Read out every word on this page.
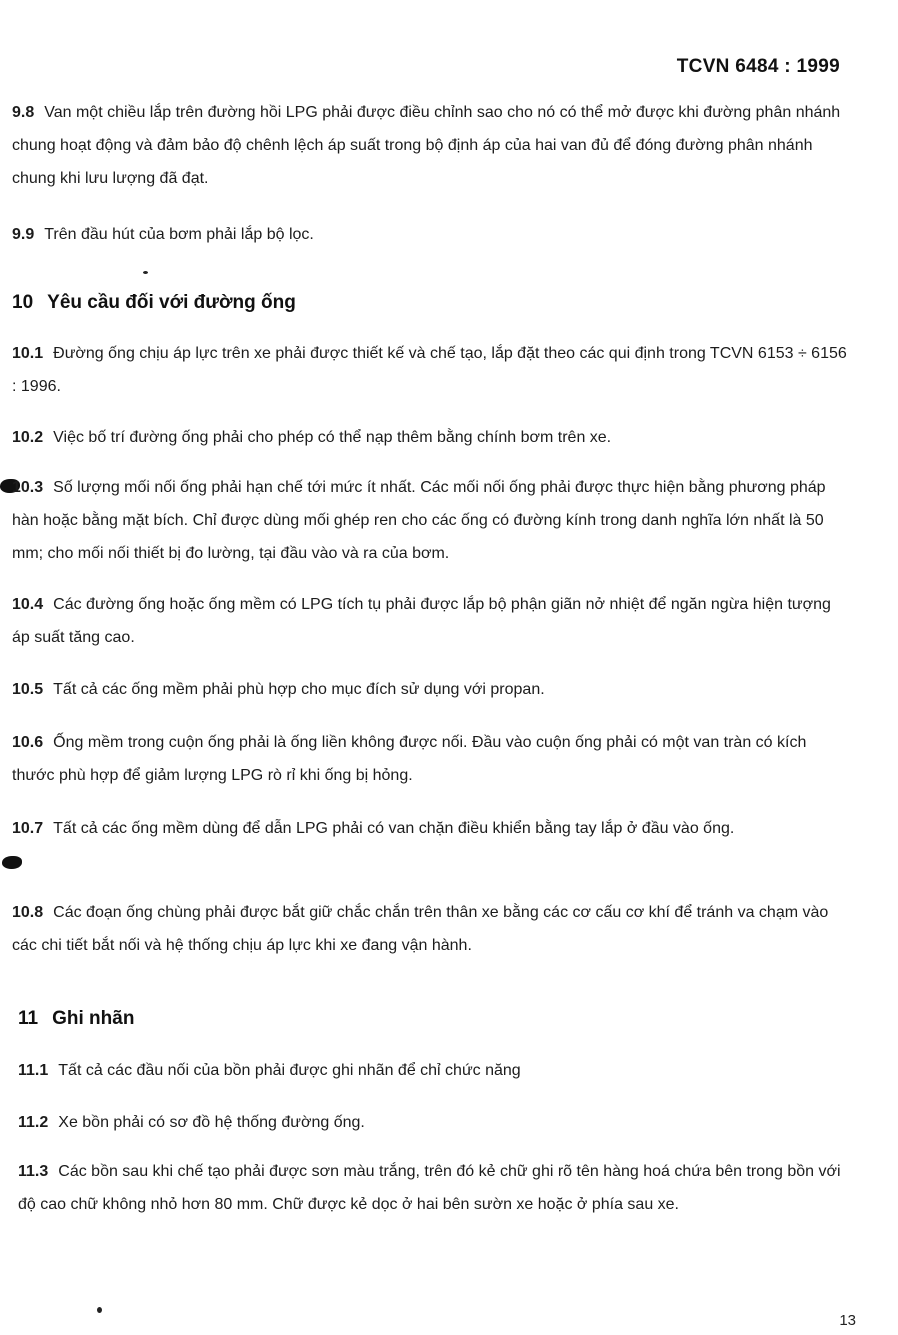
TCVN 6484 : 1999
9.8 Van một chiều lắp trên đường hồi LPG phải được điều chỉnh sao cho nó có thể mở được khi đường phân nhánh chung hoạt động và đảm bảo độ chênh lệch áp suất trong bộ định áp của hai van đủ để đóng đường phân nhánh chung khi lưu lượng đã đạt.
9.9 Trên đầu hút của bơm phải lắp bộ lọc.
10 Yêu cầu đối với đường ống
10.1 Đường ống chịu áp lực trên xe phải được thiết kế và chế tạo, lắp đặt theo các qui định trong TCVN 6153 ÷ 6156 : 1996.
10.2 Việc bố trí đường ống phải cho phép có thể nạp thêm bằng chính bơm trên xe.
10.3 Số lượng mối nối ống phải hạn chế tới mức ít nhất. Các mối nối ống phải được thực hiện bằng phương pháp hàn hoặc bằng mặt bích. Chỉ được dùng mối ghép ren cho các ống có đường kính trong danh nghĩa lớn nhất là 50 mm; cho mối nối thiết bị đo lường, tại đầu vào và ra của bơm.
10.4 Các đường ống hoặc ống mềm có LPG tích tụ phải được lắp bộ phận giãn nở nhiệt để ngăn ngừa hiện tượng áp suất tăng cao.
10.5 Tất cả các ống mềm phải phù hợp cho mục đích sử dụng với propan.
10.6 Ống mềm trong cuộn ống phải là ống liền không được nối. Đầu vào cuộn ống phải có một van tràn có kích thước phù hợp để giảm lượng LPG rò rỉ khi ống bị hỏng.
10.7 Tất cả các ống mềm dùng để dẫn LPG phải có van chặn điều khiển bằng tay lắp ở đầu vào ống.
10.8 Các đoạn ống chùng phải được bắt giữ chắc chắn trên thân xe bằng các cơ cấu cơ khí để tránh va chạm vào các chi tiết bắt nối và hệ thống chịu áp lực khi xe đang vận hành.
11 Ghi nhãn
11.1 Tất cả các đầu nối của bồn phải được ghi nhãn để chỉ chức năng
11.2 Xe bồn phải có sơ đồ hệ thống đường ống.
11.3 Các bồn sau khi chế tạo phải được sơn màu trắng, trên đó kẻ chữ ghi rõ tên hàng hoá chứa bên trong bồn với độ cao chữ không nhỏ hơn 80 mm. Chữ được kẻ dọc ở hai bên sườn xe hoặc ở phía sau xe.
13
